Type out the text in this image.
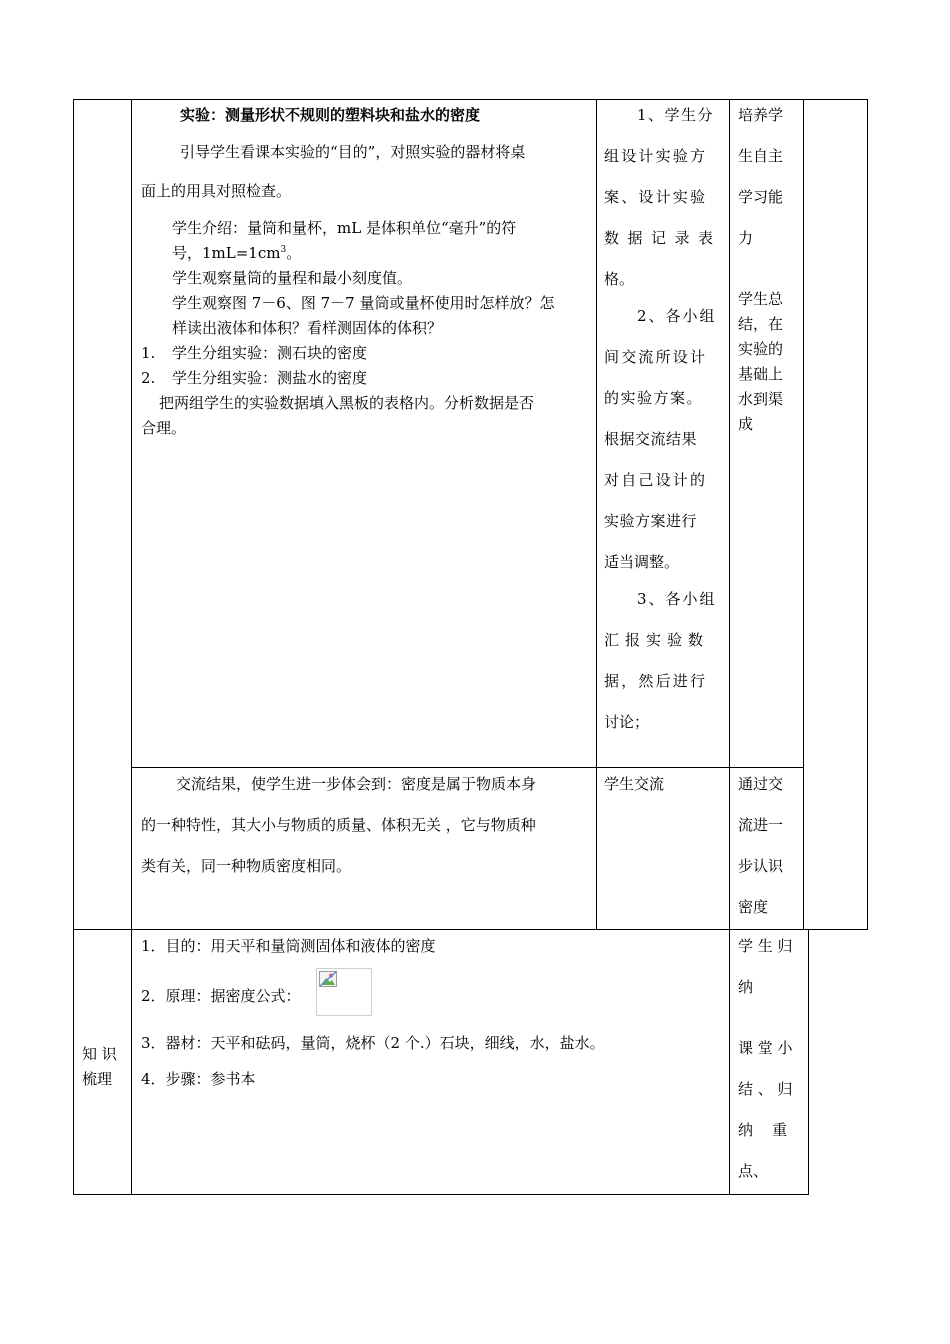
实验：测量形状不规则的塑料块和盐水的密度
引导学生看课本实验的“目的”，对照实验的器材将桌
面上的用具对照检查。
学生介绍：量筒和量杯，mL 是体积单位“毫升”的符
号，$1mL=1cm^3$。
学生观察量筒的量程和最小刻度值。
学生观察图 7－6、图 7－7 量筒或量杯使用时怎样放？怎
样读出液体和体积？看样测固体的体积？
1. 学生分组实验：测石块的密度
2. 学生分组实验：测盐水的密度
把两组学生的实验数据填入黑板的表格内。分析数据是否
合理。
1、学生分
组设计实验方
案、设计实验
数据记录表
格。
2、各小组
间交流所设计
的实验方案。
根据交流结果
对自己设计的
实验方案进行
适当调整。
3、各小组
汇报实验数
据，然后进行
讨论；
培养学
生自主
学习能
力
学生总
结，在
实验的
基础上
水到渠
成
交流结果，使学生进一步体会到：密度是属于物质本身
的一种特性，其大小与物质的质量、体积无关 ，它与物质种
类有关，同一种物质密度相同。
学生交流	通过交
流进一
步认识
密度
知 识
梳理
1．目的：用天平和量筒测固体和液体的密度
2．原理：据密度公式：
3．器材：天平和砝码，量筒，烧杯（2 个.）石块，细线，水，盐水。
4．步骤：参书本
学 生 归
纳
课 堂 小
结 、 归
纳    重
点、
